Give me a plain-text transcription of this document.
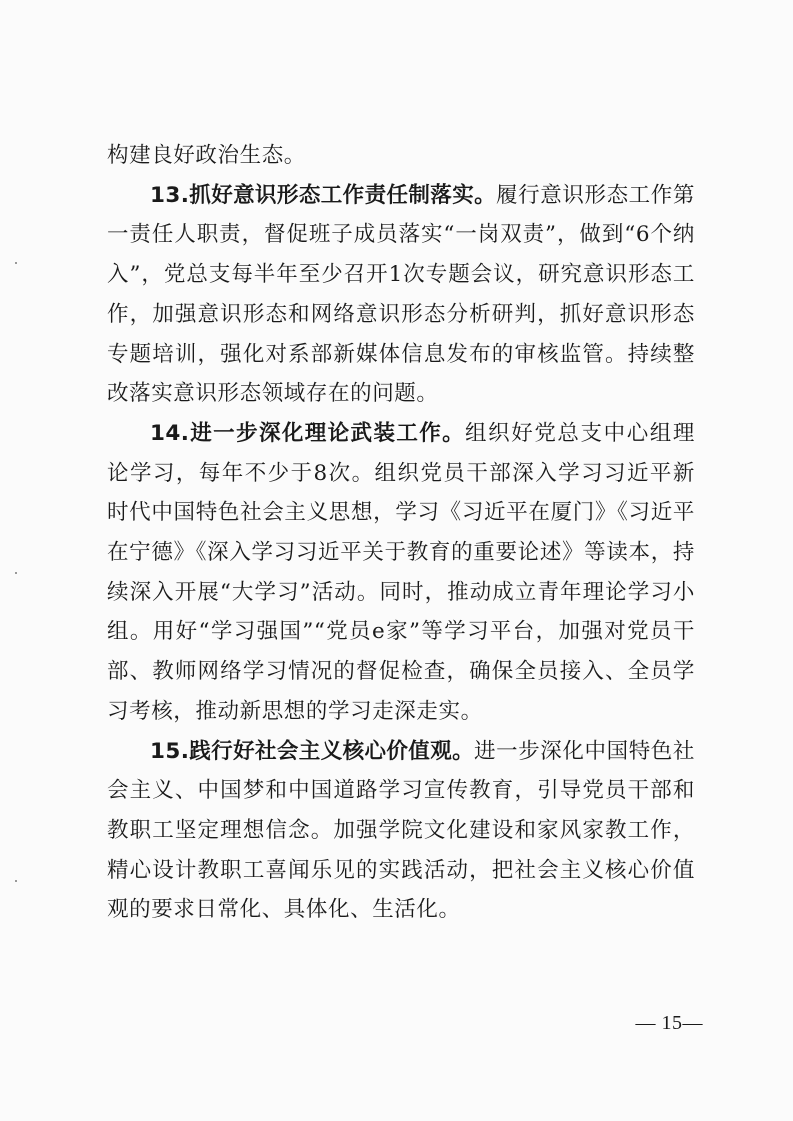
构建良好政治生态。

13.抓好意识形态工作责任制落实。履行意识形态工作第一责任人职责，督促班子成员落实“一岗双责”，做到“6个纳入”，党总支每半年至少召开1次专题会议，研究意识形态工作，加强意识形态和网络意识形态分析研判，抓好意识形态专题培训，强化对系部新媒体信息发布的审核监管。持续整改落实意识形态领域存在的问题。

14.进一步深化理论武装工作。组织好党总支中心组理论学习，每年不少于8次。组织党员干部深入学习习近平新时代中国特色社会主义思想，学习《习近平在厦门》《习近平在宁德》《深入学习习近平关于教育的重要论述》等读本，持续深入开展“大学习”活动。同时，推动成立青年理论学习小组。用好“学习强国”“党员e家”等学习平台，加强对党员干部、教师网络学习情况的督促检查，确保全员接入、全员学习考核，推动新思想的学习走深走实。

15.践行好社会主义核心价值观。进一步深化中国特色社会主义、中国梦和中国道路学习宣传教育，引导党员干部和教职工坚定理想信念。加强学院文化建设和家风家教工作，精心设计教职工喜闻乐见的实践活动，把社会主义核心价值观的要求日常化、具体化、生活化。

— 15—
